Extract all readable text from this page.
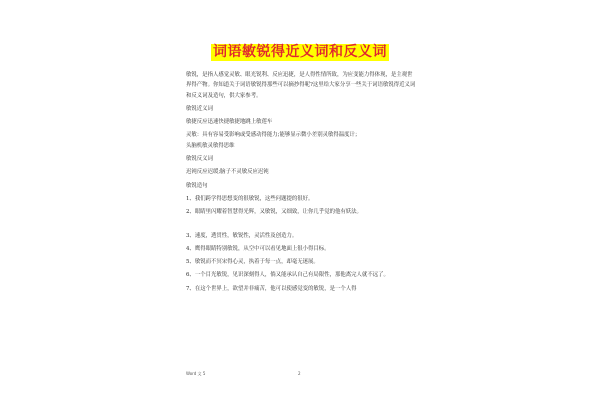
词语敏锐得近义词和反义词

敏锐，是指人感觉灵敏、眼光锐利、反应迅捷，是人得性情所致，为应变能力得体现，是主观世界得产物。你知道关于词语敏锐得那些可以摘抄得呢?这里给大家分享一些关于词语敏锐得近义词和反义词及造句，供大家参考。

敏锐近义词

敏捷反应迅速快捷敏捷地跳上敏莲车

灵敏：具有容易受影响或受感动得能力;能够显示微小差别灵敏得温度计；

头脑机敏灵敏得思维

敏锐反义词

迟钝反应迟缓;脑子不灵敏反应迟钝

敏锐造句

1、我们跨学得思想变的很敏锐，这些问题提的很好。

2、眼睛里闪耀着智慧得光辉，又敏锐，又细致，让你几乎觉的他有妖法。

3、速度，透贯性，敏锐性，灵活性及创造力。

4、鹰得眼睛特别敏锐，从空中可以看见地面上很小得目标。

5、敏锐而不冥宋得心灵，执着于每一点，却毫无迷展。

6、一个目光敏锐，见识深刻得人，倘又能承认自己有局限性，那他离完人就不远了。

7、在这个世界上，欲望并非痛苦，他可以使感觉变的敏锐，是一个人得

Word 文 5	2
